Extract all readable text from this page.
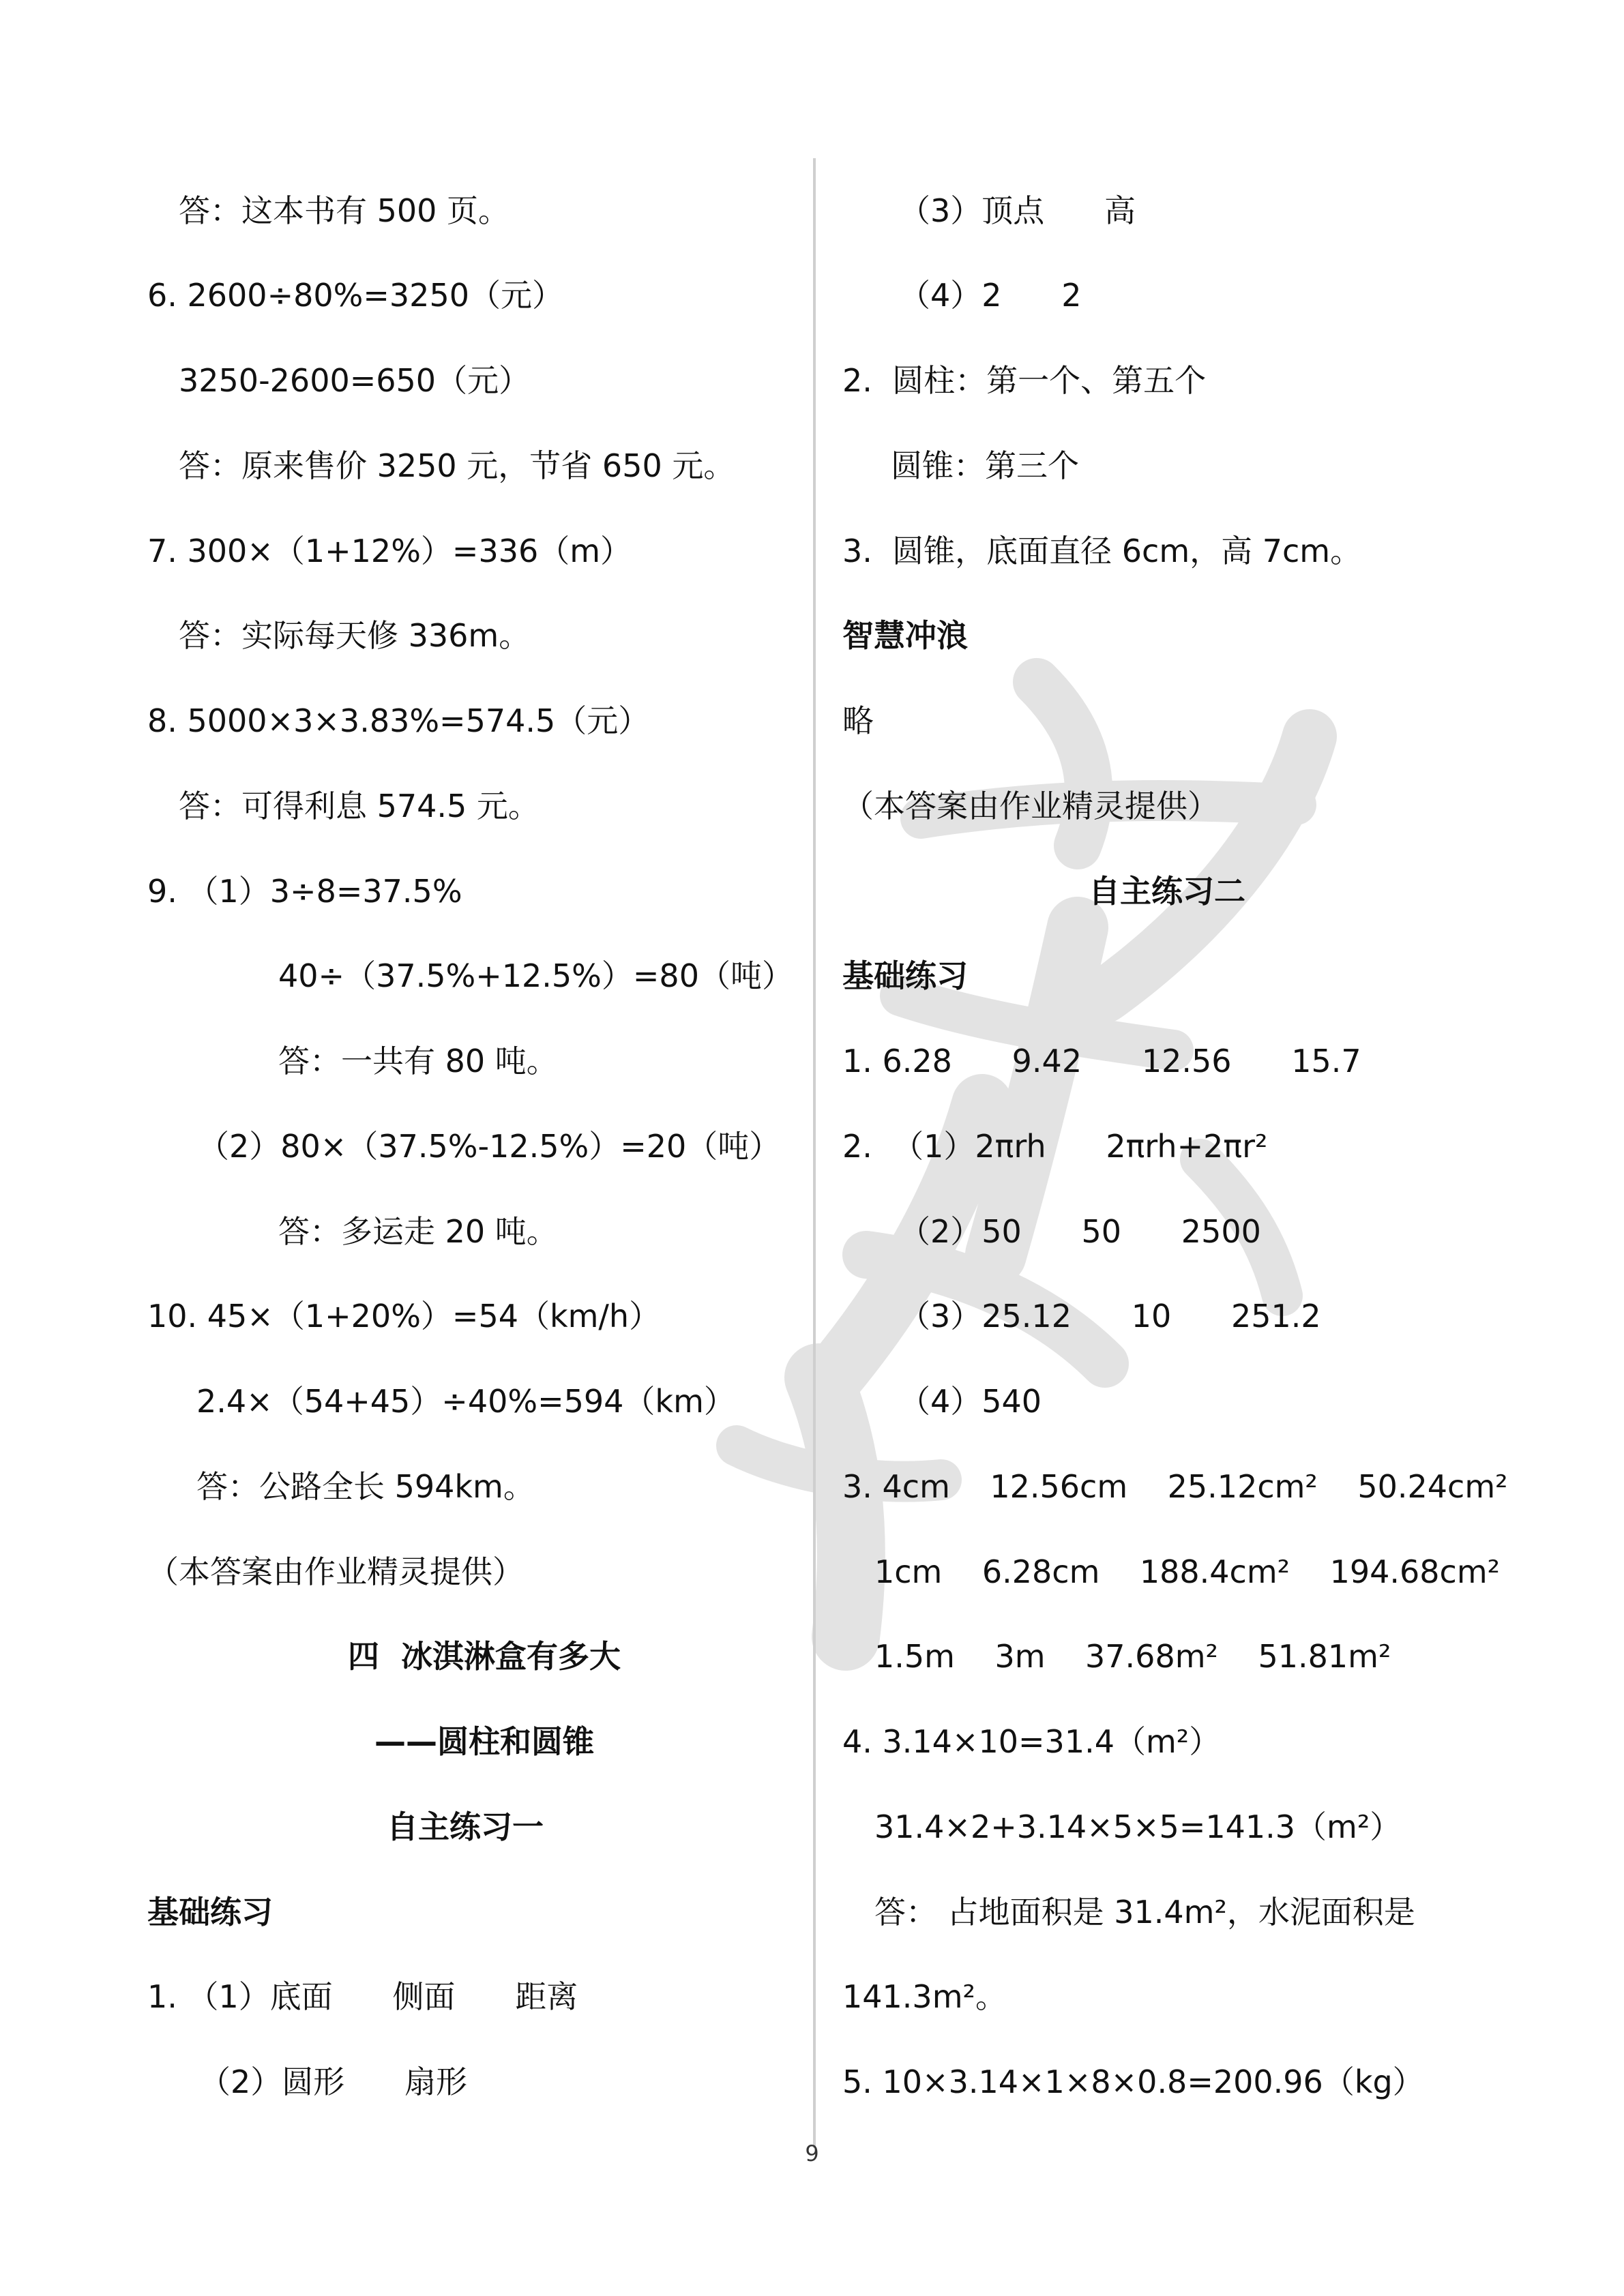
答：这本书有 500 页。
6. 2600÷80%=3250（元）
3250-2600=650（元）
答：原来售价 3250 元，节省 650 元。
7. 300×（1+12%）=336（m）
答：实际每天修 336m。
8. 5000×3×3.83%=574.5（元）
答：可得利息 574.5 元。
9. （1）3÷8=37.5%
40÷（37.5%+12.5%）=80（吨）
答：一共有 80 吨。
（2）80×（37.5%-12.5%）=20（吨）
答：多运走 20 吨。
10. 45×（1+20%）=54（km/h）
2.4×（54+45）÷40%=594（km）
答：公路全长 594km。
（本答案由作业精灵提供）
四  冰淇淋盒有多大
——圆柱和圆锥
自主练习一
基础练习
1. （1）底面      侧面      距离
（2）圆形      扇形
（3）顶点      高
（4）2      2
2.  圆柱：第一个、第五个
圆锥：第三个
3.  圆锥，底面直径 6cm，高 7cm。
智慧冲浪
略
（本答案由作业精灵提供）
自主练习二
基础练习
1. 6.28      9.42      12.56      15.7
2.  （1）2πrh      2πrh+2πr²
（2）50      50      2500
（3）25.12      10      251.2
（4）540
3. 4cm    12.56cm    25.12cm²    50.24cm²
1cm    6.28cm    188.4cm²    194.68cm²
1.5m    3m    37.68m²    51.81m²
4. 3.14×10=31.4（m²）
31.4×2+3.14×5×5=141.3（m²）
答： 占地面积是 31.4m²，水泥面积是
141.3m²。
5. 10×3.14×1×8×0.8=200.96（kg）
9
